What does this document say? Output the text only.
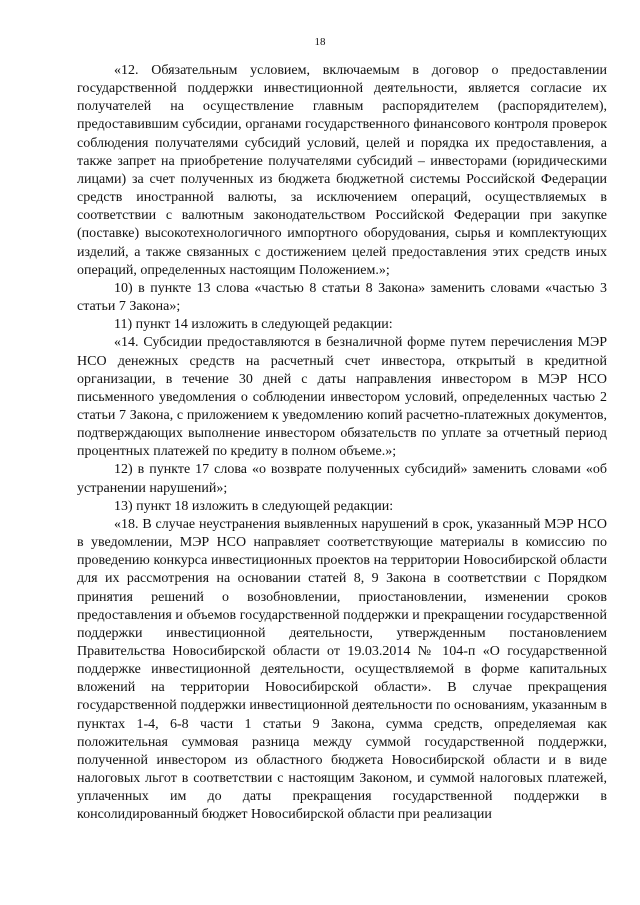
18

«12. Обязательным условием, включаемым в договор о предоставлении государственной поддержки инвестиционной деятельности, является согласие их получателей на осуществление главным распорядителем (распорядителем), предоставившим субсидии, органами государственного финансового контроля проверок соблюдения получателями субсидий условий, целей и порядка их предоставления, а также запрет на приобретение получателями субсидий – инвесторами (юридическими лицами) за счет полученных из бюджета бюджетной системы Российской Федерации средств иностранной валюты, за исключением операций, осуществляемых в соответствии с валютным законодательством Российской Федерации при закупке (поставке) высокотехнологичного импортного оборудования, сырья и комплектующих изделий, а также связанных с достижением целей предоставления этих средств иных операций, определенных настоящим Положением.»;

10) в пункте 13 слова «частью 8 статьи 8 Закона» заменить словами «частью 3 статьи 7 Закона»;

11) пункт 14 изложить в следующей редакции:

«14. Субсидии предоставляются в безналичной форме путем перечисления МЭР НСО денежных средств на расчетный счет инвестора, открытый в кредитной организации, в течение 30 дней с даты направления инвестором в МЭР НСО письменного уведомления о соблюдении инвестором условий, определенных частью 2 статьи 7 Закона, с приложением к уведомлению копий расчетно-платежных документов, подтверждающих выполнение инвестором обязательств по уплате за отчетный период процентных платежей по кредиту в полном объеме.»;

12) в пункте 17 слова «о возврате полученных субсидий» заменить словами «об устранении нарушений»;

13) пункт 18 изложить в следующей редакции:

«18. В случае неустранения выявленных нарушений в срок, указанный МЭР НСО в уведомлении, МЭР НСО направляет соответствующие материалы в комиссию по проведению конкурса инвестиционных проектов на территории Новосибирской области для их рассмотрения на основании статей 8, 9 Закона в соответствии с Порядком принятия решений о возобновлении, приостановлении, изменении сроков предоставления и объемов государственной поддержки и прекращении государственной поддержки инвестиционной деятельности, утвержденным постановлением Правительства Новосибирской области от 19.03.2014 № 104-п «О государственной поддержке инвестиционной деятельности, осуществляемой в форме капитальных вложений на территории Новосибирской области». В случае прекращения государственной поддержки инвестиционной деятельности по основаниям, указанным в пунктах 1-4, 6-8 части 1 статьи 9 Закона, сумма средств, определяемая как положительная суммовая разница между суммой государственной поддержки, полученной инвестором из областного бюджета Новосибирской области и в виде налоговых льгот в соответствии с настоящим Законом, и суммой налоговых платежей, уплаченных им до даты прекращения государственной поддержки в консолидированный бюджет Новосибирской области при реализации
